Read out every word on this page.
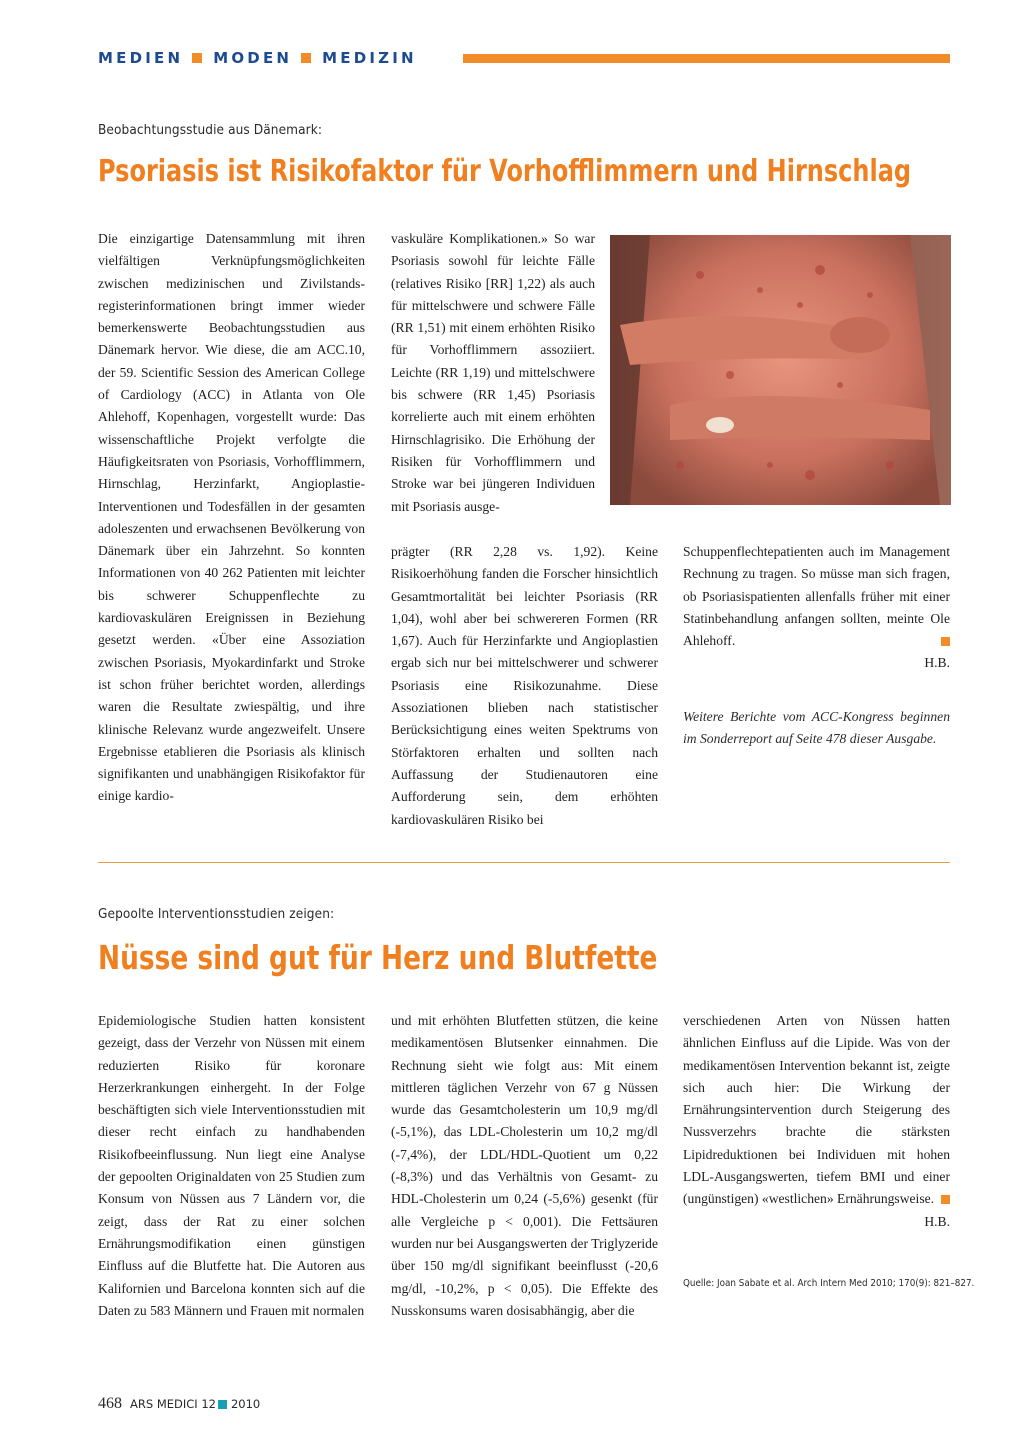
MEDIEN MODEN MEDIZIN
Beobachtungsstudie aus Dänemark:
Psoriasis ist Risikofaktor für Vorhofflimmern und Hirnschlag

Die einzigartige Datensammlung mit ihren vielfältigen Verknüpfungsmöglichkeiten zwischen medizinischen und Zivilstands-registerinformationen bringt immer wieder bemerkenswerte Beobachtungsstudien aus Dänemark hervor. Wie diese, die am ACC.10, der 59. Scientific Session des American College of Cardiology (ACC) in Atlanta von Ole Ahlehoff, Kopenhagen, vorgestellt wurde: Das wissenschaftliche Projekt verfolgte die Häufigkeitsraten von Psoriasis, Vorhofflimmern, Hirnschlag, Herzinfarkt, Angioplastie-Interventionen und Todesfällen in der gesamten adoleszenten und erwachsenen Bevölkerung von Dänemark über ein Jahrzehnt. So konnten Informationen von 40 262 Patienten mit leichter bis schwerer Schuppenflechte zu kardiovaskulären Ereignissen in Beziehung gesetzt werden. «Über eine Assoziation zwischen Psoriasis, Myokardinfarkt und Stroke ist schon früher berichtet worden, allerdings waren die Resultate zwiespältig, und ihre klinische Relevanz wurde angezweifelt. Unsere Ergebnisse etablieren die Psoriasis als klinisch signifikanten und unabhängigen Risikofaktor für einige kardio-

vaskuläre Komplikationen.» So war Psoriasis sowohl für leichte Fälle (relatives Risiko [RR] 1,22) als auch für mittelschwere und schwere Fälle (RR 1,51) mit einem erhöhten Risiko für Vorhofflimmern assoziiert. Leichte (RR 1,19) und mittelschwere bis schwere (RR 1,45) Psoriasis korrelierte auch mit einem erhöhten Hirnschlagrisiko. Die Erhöhung der Risiken für Vorhofflimmern und Stroke war bei jüngeren Individuen mit Psoriasis ausge-

prägter (RR 2,28 vs. 1,92). Keine Risikoerhöhung fanden die Forscher hinsichtlich Gesamtmortalität bei leichter Psoriasis (RR 1,04), wohl aber bei schwereren Formen (RR 1,67). Auch für Herzinfarkte und Angioplastien ergab sich nur bei mittelschwerer und schwerer Psoriasis eine Risikozunahme. Diese Assoziationen blieben nach statistischer Berücksichtigung eines weiten Spektrums von Störfaktoren erhalten und sollten nach Auffassung der Studienautoren eine Aufforderung sein, dem erhöhten kardiovaskulären Risiko bei

Schuppenflechtepatienten auch im Management Rechnung zu tragen. So müsse man sich fragen, ob Psoriasispatienten allenfalls früher mit einer Statinbehandlung anfangen sollten, meinte Ole Ahlehoff.

H.B.

Weitere Berichte vom ACC-Kongress beginnen im Sonderreport auf Seite 478 dieser Ausgabe.

Gepoolte Interventionsstudien zeigen:
Nüsse sind gut für Herz und Blutfette

Epidemiologische Studien hatten konsistent gezeigt, dass der Verzehr von Nüssen mit einem reduzierten Risiko für koronare Herzerkrankungen einhergeht. In der Folge beschäftigten sich viele Interventionsstudien mit dieser recht einfach zu handhabenden Risikofbeeinflussung. Nun liegt eine Analyse der gepoolten Originaldaten von 25 Studien zum Konsum von Nüssen aus 7 Ländern vor, die zeigt, dass der Rat zu einer solchen Ernährungsmodifikation einen günstigen Einfluss auf die Blutfette hat. Die Autoren aus Kalifornien und Barcelona konnten sich auf die Daten zu 583 Männern und Frauen mit normalen

und mit erhöhten Blutfetten stützen, die keine medikamentösen Blutsenker einnahmen. Die Rechnung sieht wie folgt aus: Mit einem mittleren täglichen Verzehr von 67 g Nüssen wurde das Gesamtcholesterin um 10,9 mg/dl (-5,1%), das LDL-Cholesterin um 10,2 mg/dl (-7,4%), der LDL/HDL-Quotient um 0,22 (-8,3%) und das Verhältnis von Gesamt- zu HDL-Cholesterin um 0,24 (-5,6%) gesenkt (für alle Vergleiche p < 0,001). Die Fettsäuren wurden nur bei Ausgangswerten der Triglyzeride über 150 mg/dl signifikant beeinflusst (-20,6 mg/dl, -10,2%, p < 0,05). Die Effekte des Nusskonsums waren dosisabhängig, aber die

verschiedenen Arten von Nüssen hatten ähnlichen Einfluss auf die Lipide. Was von der medikamentösen Intervention bekannt ist, zeigte sich auch hier: Die Wirkung der Ernährungsintervention durch Steigerung des Nussverzehrs brachte die stärksten Lipidreduktionen bei Individuen mit hohen LDL-Ausgangswerten, tiefem BMI und einer (ungünstigen) «westlichen» Ernährungsweise.

H.B.

Quelle: Joan Sabate et al. Arch Intern Med 2010; 170(9): 821–827.
468 ARS MEDICI 12 2010
